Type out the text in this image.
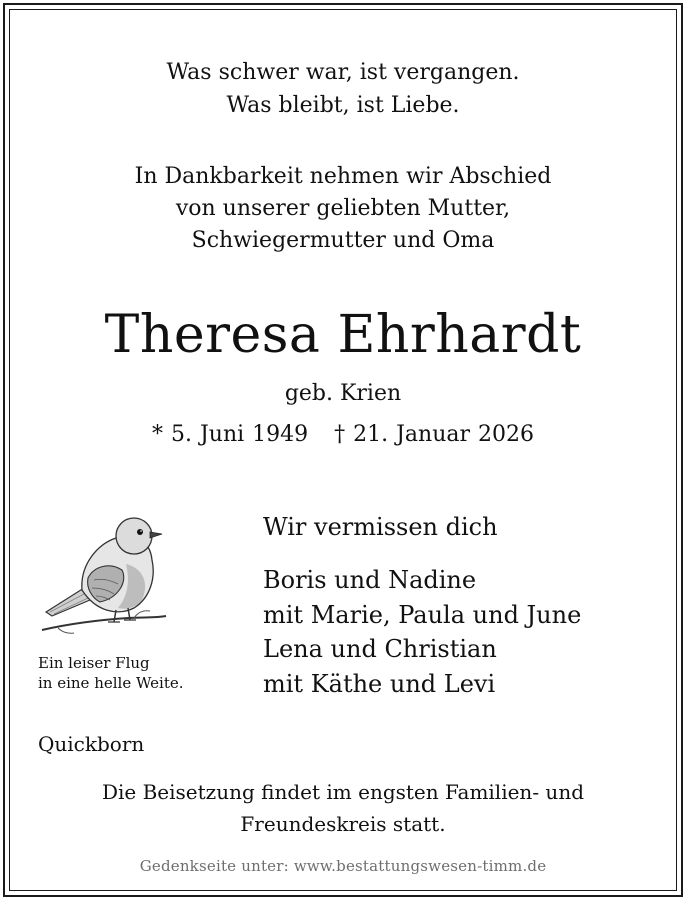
Was schwer war, ist vergangen.
Was bleibt, ist Liebe.
In Dankbarkeit nehmen wir Abschied
von unserer geliebten Mutter,
Schwiegermutter und Oma
Theresa Ehrhardt
geb. Krien
* 5. Juni 1949 † 21. Januar 2026
Ein leiser Flug
in eine helle Weite.
Wir vermissen dich
Boris und Nadine
mit Marie, Paula und June
Lena und Christian
mit Käthe und Levi
Quickborn
Die Beisetzung findet im engsten Familien- und
Freundeskreis statt.
Gedenkseite unter: www.bestattungswesen-timm.de
